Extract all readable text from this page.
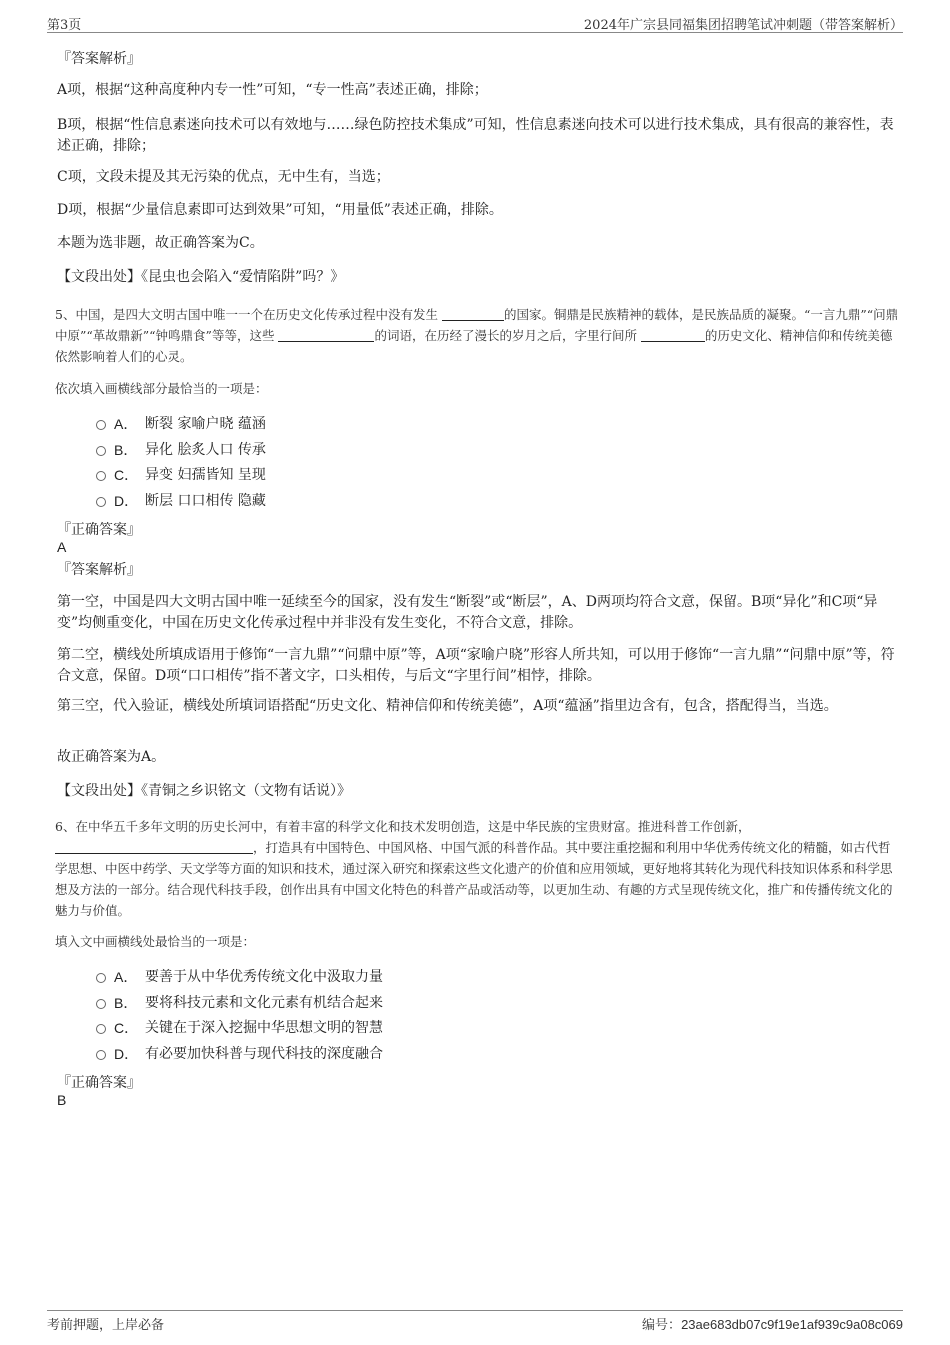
第3页	2024年广宗县同福集团招聘笔试冲刺题（带答案解析）
『答案解析』
A项，根据“这种高度种内专一性”可知，“专一性高”表述正确，排除；
B项，根据“性信息素迷向技术可以有效地与……绿色防控技术集成”可知，性信息素迷向技术可以进行技术集成，具有很高的兼容性，表述正确，排除；
C项，文段未提及其无污染的优点，无中生有，当选；
D项，根据“少量信息素即可达到效果”可知，“用量低”表述正确，排除。
本题为选非题，故正确答案为C。
【文段出处】《昆虫也会陷入“爱情陷阱”吗？》
5、中国，是四大文明古国中唯一一个在历史文化传承过程中没有发生	的国家。铜鼎是民族精神的载体，是民族品质的凝聚。“一言九鼎”“问鼎中原”“革故鼎新”“钟鸣鼎食”等等，这些	的词语，在历经了漫长的岁月之后，字里行间所	的历史文化、精神信仰和传统美德依然影响着人们的心灵。
依次填入画横线部分最恰当的一项是：
A． 断裂 家喻户晓 蕴涵
B． 异化 脍炙人口 传承
C． 异变 妇孺皆知 呈现
D． 断层 口口相传 隐藏
『正确答案』
A
『答案解析』
第一空，中国是四大文明古国中唯一延续至今的国家，没有发生“断裂”或“断层”，A、D两项均符合文意，保留。B项“异化”和C项“异变”均侧重变化，中国在历史文化传承过程中并非没有发生变化，不符合文意，排除。
第二空，横线处所填成语用于修饰“一言九鼎”“问鼎中原”等，A项“家喻户晓”形容人所共知，可以用于修饰“一言九鼎”“问鼎中原”等，符合文意，保留。D项“口口相传”指不著文字，口头相传，与后文“字里行间”相悖，排除。
第三空，代入验证，横线处所填词语搭配“历史文化、精神信仰和传统美德”，A项“蕴涵”指里边含有，包含，搭配得当，当选。
故正确答案为A。
【文段出处】《青铜之乡识铭文（文物有话说）》
6、在中华五千多年文明的历史长河中，有着丰富的科学文化和技术发明创造，这是中华民族的宝贵财富。推进科普工作创新，
，打造具有中国特色、中国风格、中国气派的科普作品。其中要注重挖掘和利用中华优秀传统文化的精髓，如古代哲学思想、中医中药学、天文学等方面的知识和技术，通过深入研究和探索这些文化遗产的价值和应用领域，更好地将其转化为现代科技知识体系和科学思想及方法的一部分。结合现代科技手段，创作出具有中国文化特色的科普产品或活动等，以更加生动、有趣的方式呈现传统文化，推广和传播传统文化的魅力与价值。
填入文中画横线处最恰当的一项是：
A． 要善于从中华优秀传统文化中汲取力量
B． 要将科技元素和文化元素有机结合起来
C． 关键在于深入挖掘中华思想文明的智慧
D． 有必要加快科普与现代科技的深度融合
『正确答案』
B
考前押题，上岸必备	编号：23ae683db07c9f19e1af939c9a08c069
